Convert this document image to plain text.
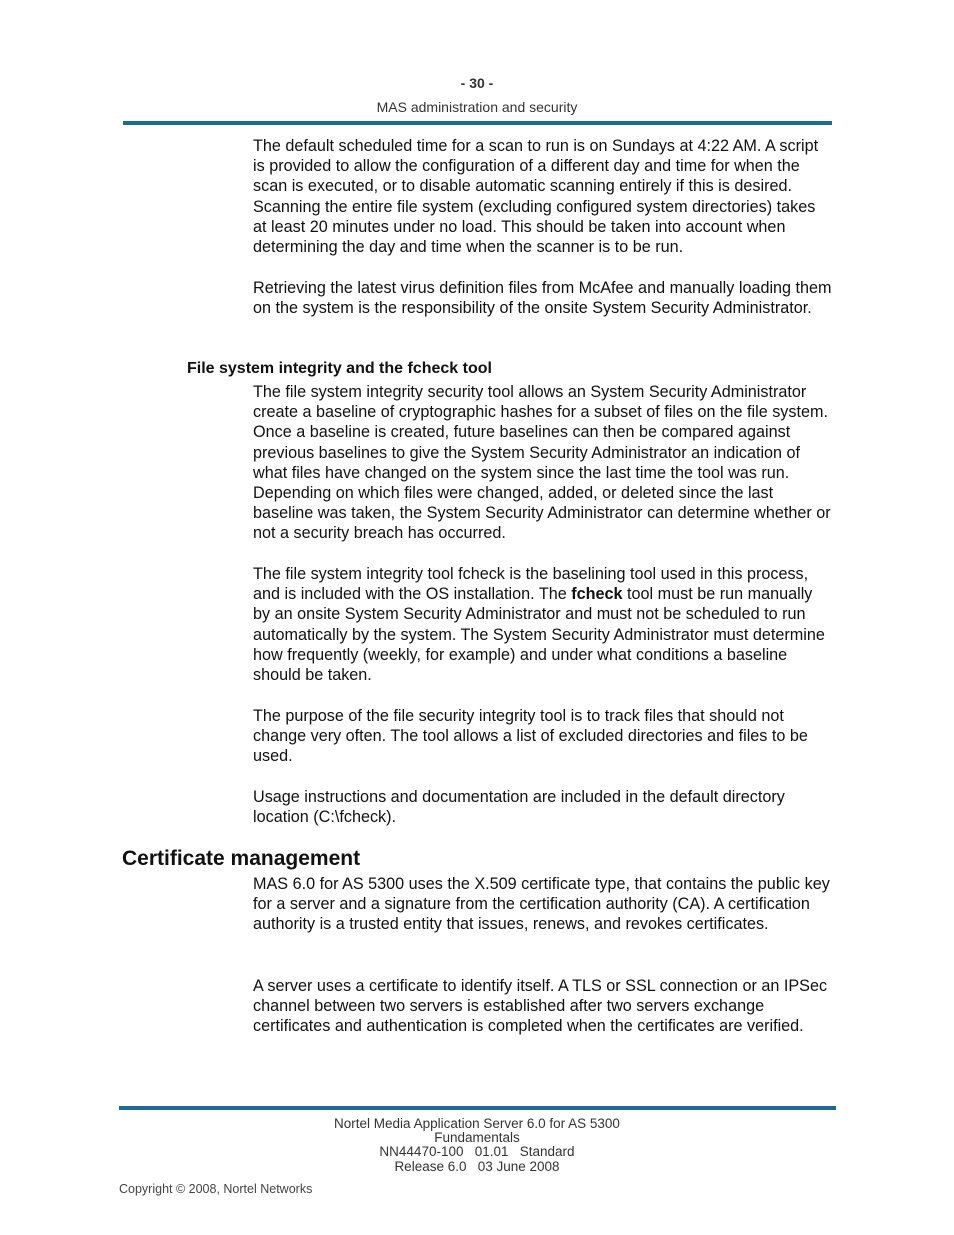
- 30 -
MAS administration and security

The default scheduled time for a scan to run is on Sundays at 4:22 AM. A script is provided to allow the configuration of a different day and time for when the scan is executed, or to disable automatic scanning entirely if this is desired. Scanning the entire file system (excluding configured system directories) takes at least 20 minutes under no load. This should be taken into account when determining the day and time when the scanner is to be run.

Retrieving the latest virus definition files from McAfee and manually loading them on the system is the responsibility of the onsite System Security Administrator.

File system integrity and the fcheck tool

The file system integrity security tool allows an System Security Administrator create a baseline of cryptographic hashes for a subset of files on the file system. Once a baseline is created, future baselines can then be compared against previous baselines to give the System Security Administrator an indication of what files have changed on the system since the last time the tool was run. Depending on which files were changed, added, or deleted since the last baseline was taken, the System Security Administrator can determine whether or not a security breach has occurred.

The file system integrity tool fcheck is the baselining tool used in this process, and is included with the OS installation. The fcheck tool must be run manually by an onsite System Security Administrator and must not be scheduled to run automatically by the system. The System Security Administrator must determine how frequently (weekly, for example) and under what conditions a baseline should be taken.

The purpose of the file security integrity tool is to track files that should not change very often. The tool allows a list of excluded directories and files to be used.

Usage instructions and documentation are included in the default directory location (C:\fcheck).

Certificate management

MAS 6.0 for AS 5300 uses the X.509 certificate type, that contains the public key for a server and a signature from the certification authority (CA). A certification authority is a trusted entity that issues, renews, and revokes certificates.

A server uses a certificate to identify itself. A TLS or SSL connection or an IPSec channel between two servers is established after two servers exchange certificates and authentication is completed when the certificates are verified.

Nortel Media Application Server 6.0 for AS 5300
Fundamentals
NN44470-100   01.01   Standard
Release 6.0   03 June 2008
Copyright © 2008, Nortel Networks
